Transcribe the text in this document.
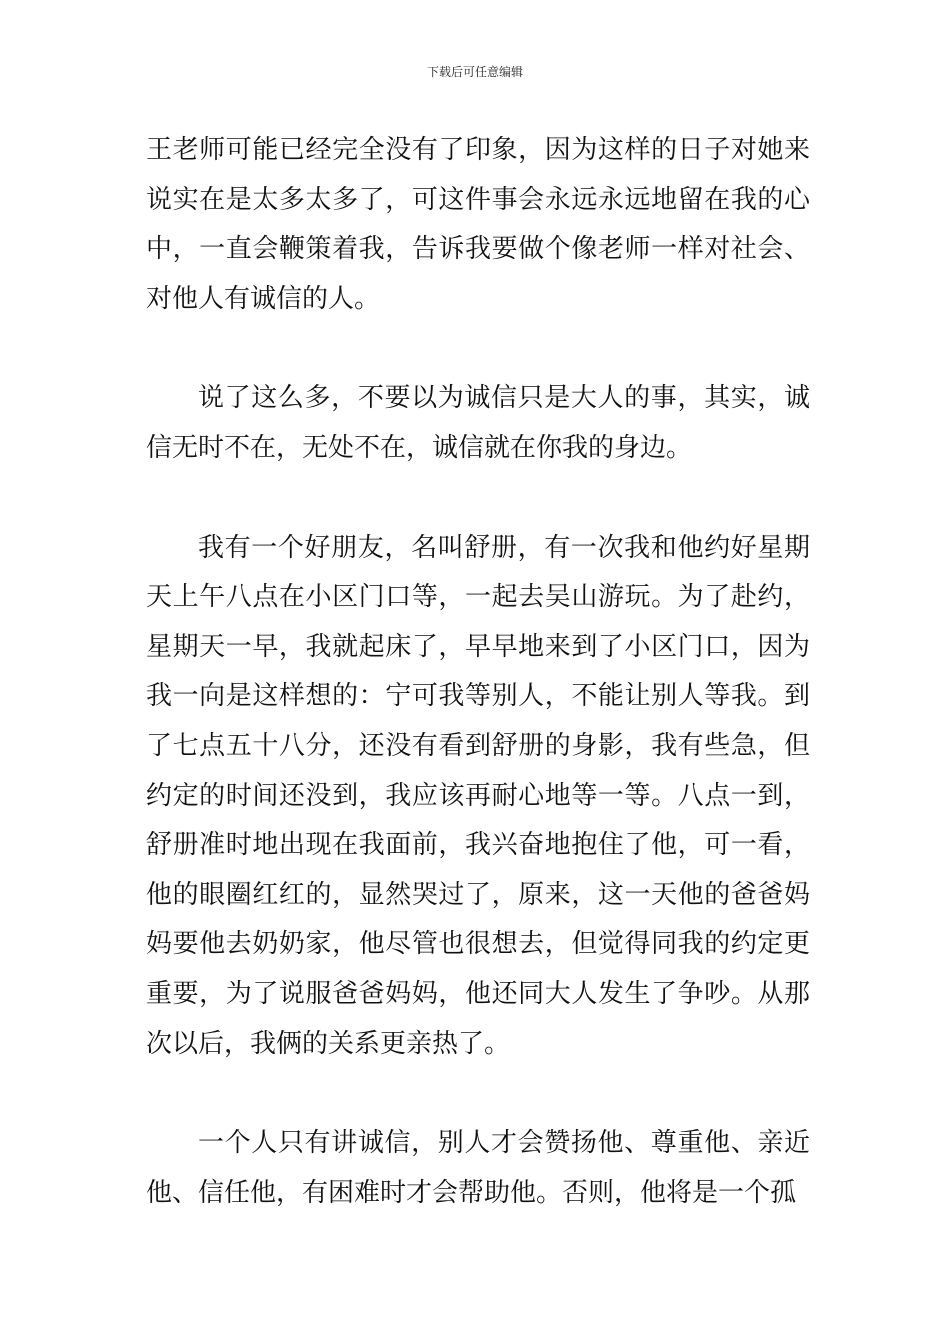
下载后可任意编辑

王老师可能已经完全没有了印象，因为这样的日子对她来说实在是太多太多了，可这件事会永远永远地留在我的心中，一直会鞭策着我，告诉我要做个像老师一样对社会、对他人有诚信的人。

说了这么多，不要以为诚信只是大人的事，其实，诚信无时不在，无处不在，诚信就在你我的身边。

我有一个好朋友，名叫舒册，有一次我和他约好星期天上午八点在小区门口等，一起去吴山游玩。为了赴约，星期天一早，我就起床了，早早地来到了小区门口，因为我一向是这样想的：宁可我等别人，不能让别人等我。到了七点五十八分，还没有看到舒册的身影，我有些急，但约定的时间还没到，我应该再耐心地等一等。八点一到，舒册准时地出现在我面前，我兴奋地抱住了他，可一看，他的眼圈红红的，显然哭过了，原来，这一天他的爸爸妈妈要他去奶奶家，他尽管也很想去，但觉得同我的约定更重要，为了说服爸爸妈妈，他还同大人发生了争吵。从那次以后，我俩的关系更亲热了。

一个人只有讲诚信，别人才会赞扬他、尊重他、亲近他、信任他，有困难时才会帮助他。否则，他将是一个孤
